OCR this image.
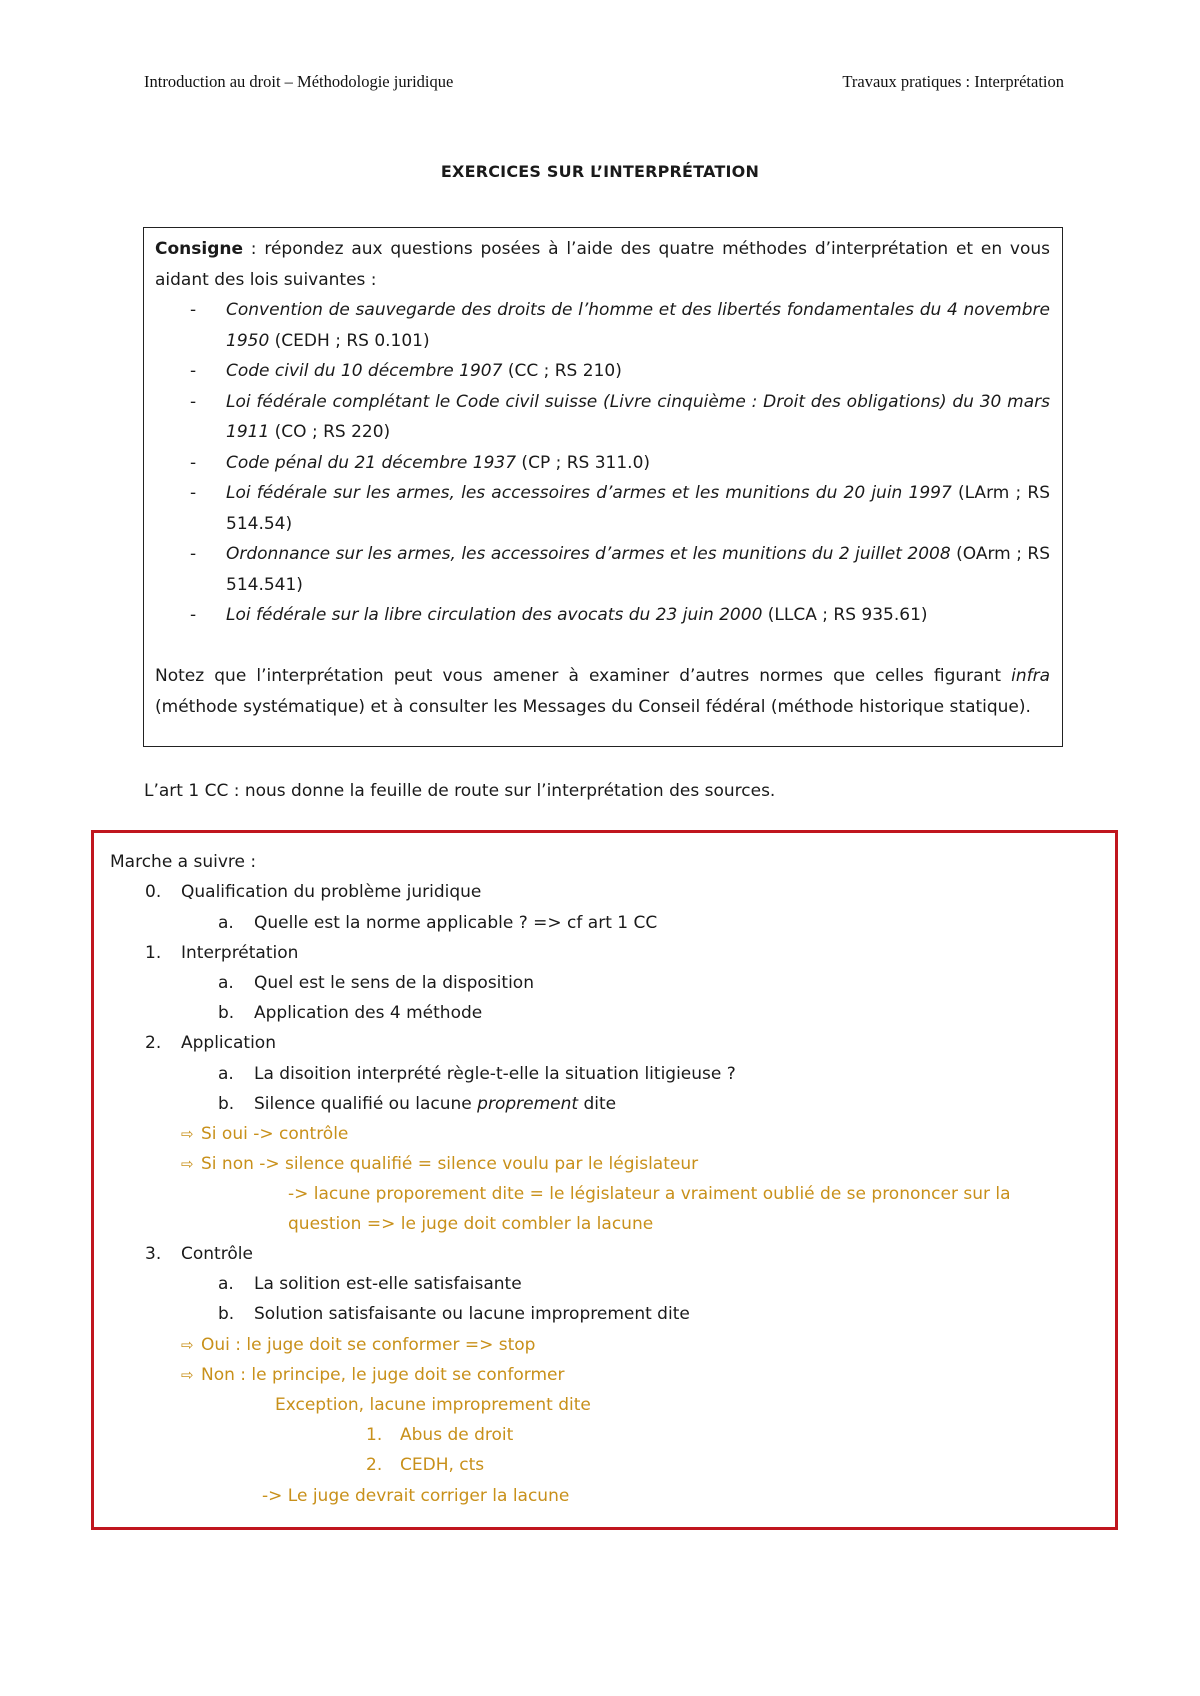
Introduction au droit – Méthodologie juridique	Travaux pratiques : Interprétation
EXERCICES SUR L’INTERPRÉTATION

Consigne : répondez aux questions posées à l’aide des quatre méthodes d’interprétation et en vous aidant des lois suivantes :

- Convention de sauvegarde des droits de l’homme et des libertés fondamentales du 4 novembre 1950 (CEDH ; RS 0.101)
- Code civil du 10 décembre 1907 (CC ; RS 210)
- Loi fédérale complétant le Code civil suisse (Livre cinquième : Droit des obligations) du 30 mars 1911 (CO ; RS 220)
- Code pénal du 21 décembre 1937 (CP ; RS 311.0)
- Loi fédérale sur les armes, les accessoires d’armes et les munitions du 20 juin 1997 (LArm ; RS 514.54)
- Ordonnance sur les armes, les accessoires d’armes et les munitions du 2 juillet 2008 (OArm ; RS 514.541)
- Loi fédérale sur la libre circulation des avocats du 23 juin 2000 (LLCA ; RS 935.61)

Notez que l’interprétation peut vous amener à examiner d’autres normes que celles figurant infra (méthode systématique) et à consulter les Messages du Conseil fédéral (méthode historique statique).

L’art 1 CC : nous donne la feuille de route sur l’interprétation des sources.
Marche a suivre :
0. Qualification du problème juridique
a. Quelle est la norme applicable ? => cf art 1 CC
1. Interprétation
a. Quel est le sens de la disposition
b. Application des 4 méthode
2. Application
a. La disoition interprété règle-t-elle la situation litigieuse ?
b. Silence qualifié ou lacune proprement dite
⇨ Si oui -> contrôle
⇨ Si non -> silence qualifié = silence voulu par le législateur
-> lacune proporement dite = le législateur a vraiment oublié de se prononcer sur la
question => le juge doit combler la lacune
3. Contrôle
a. La solition est-elle satisfaisante
b. Solution satisfaisante ou lacune improprement dite
⇨ Oui : le juge doit se conformer => stop
⇨ Non : le principe, le juge doit se conformer
Exception, lacune improprement dite
1. Abus de droit
2. CEDH, cts
-> Le juge devrait corriger la lacune
